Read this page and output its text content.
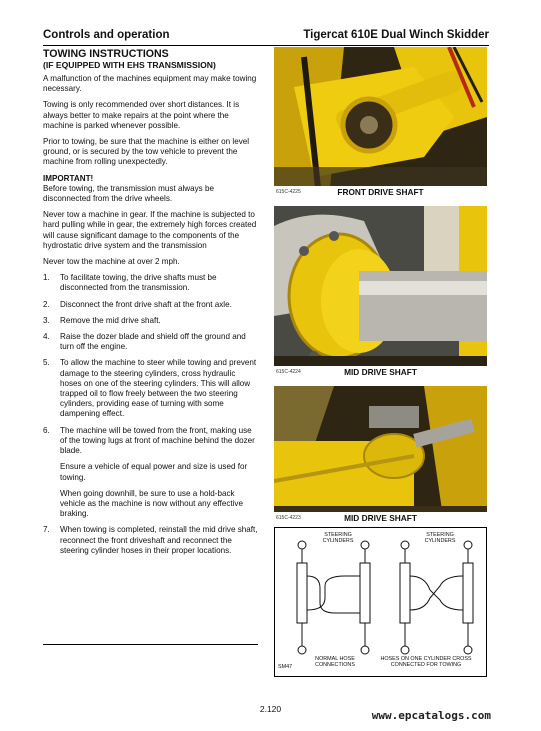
Controls and operation	Tigercat 610E Dual Winch Skidder
TOWING INSTRUCTIONS
(IF EQUIPPED WITH EHS TRANSMISSION)

A malfunction of the machines equipment may make towing necessary.

Towing is only recommended over short distances. It is always better to make repairs at the point where the machine is parked whenever possible.

Prior to towing, be sure that the machine is either on level ground, or is secured by the tow vehicle to prevent the machine from rolling unexpectedly.

IMPORTANT!
Before towing, the transmission must always be disconnected from the drive wheels.

Never tow a machine in gear. If the machine is subjected to hard pulling while in gear, the extremely high forces created will cause significant damage to the components of the hydrostatic drive system and the transmission

Never tow the machine at over 2 mph.

1. To facilitate towing, the drive shafts must be disconnected from the transmission.
2. Disconnect the front drive shaft at the front axle.
3. Remove the mid drive shaft.
4. Raise the dozer blade and shield off the ground and turn off the engine.
5. To allow the machine to steer while towing and prevent damage to the steering cylinders, cross hydraulic hoses on one of the steering cylinders. This will allow trapped oil to flow freely between the two steering cylinders, providing ease of turning with some dampening effect.
6. The machine will be towed from the front, making use of the towing lugs at front of machine behind the dozer blade.

Ensure a vehicle of equal power and size is used for towing.

When going downhill, be sure to use a hold-back vehicle as the machine is now without any effective braking.

7. When towing is completed, reinstall the mid drive shaft, reconnect the front driveshaft and reconnect the steering cylinder hoses in their proper locations.
615C-4225	FRONT DRIVE SHAFT
615C-4224	MID DRIVE SHAFT
615C-4223	MID DRIVE SHAFT
STEERING CYLINDERS
STEERING CYLINDERS
NORMAL HOSE CONNECTIONS
HOSES ON ONE CYLINDER CROSS CONNECTED FOR TOWING
SM47
2.120	www.epcatalogs.com
